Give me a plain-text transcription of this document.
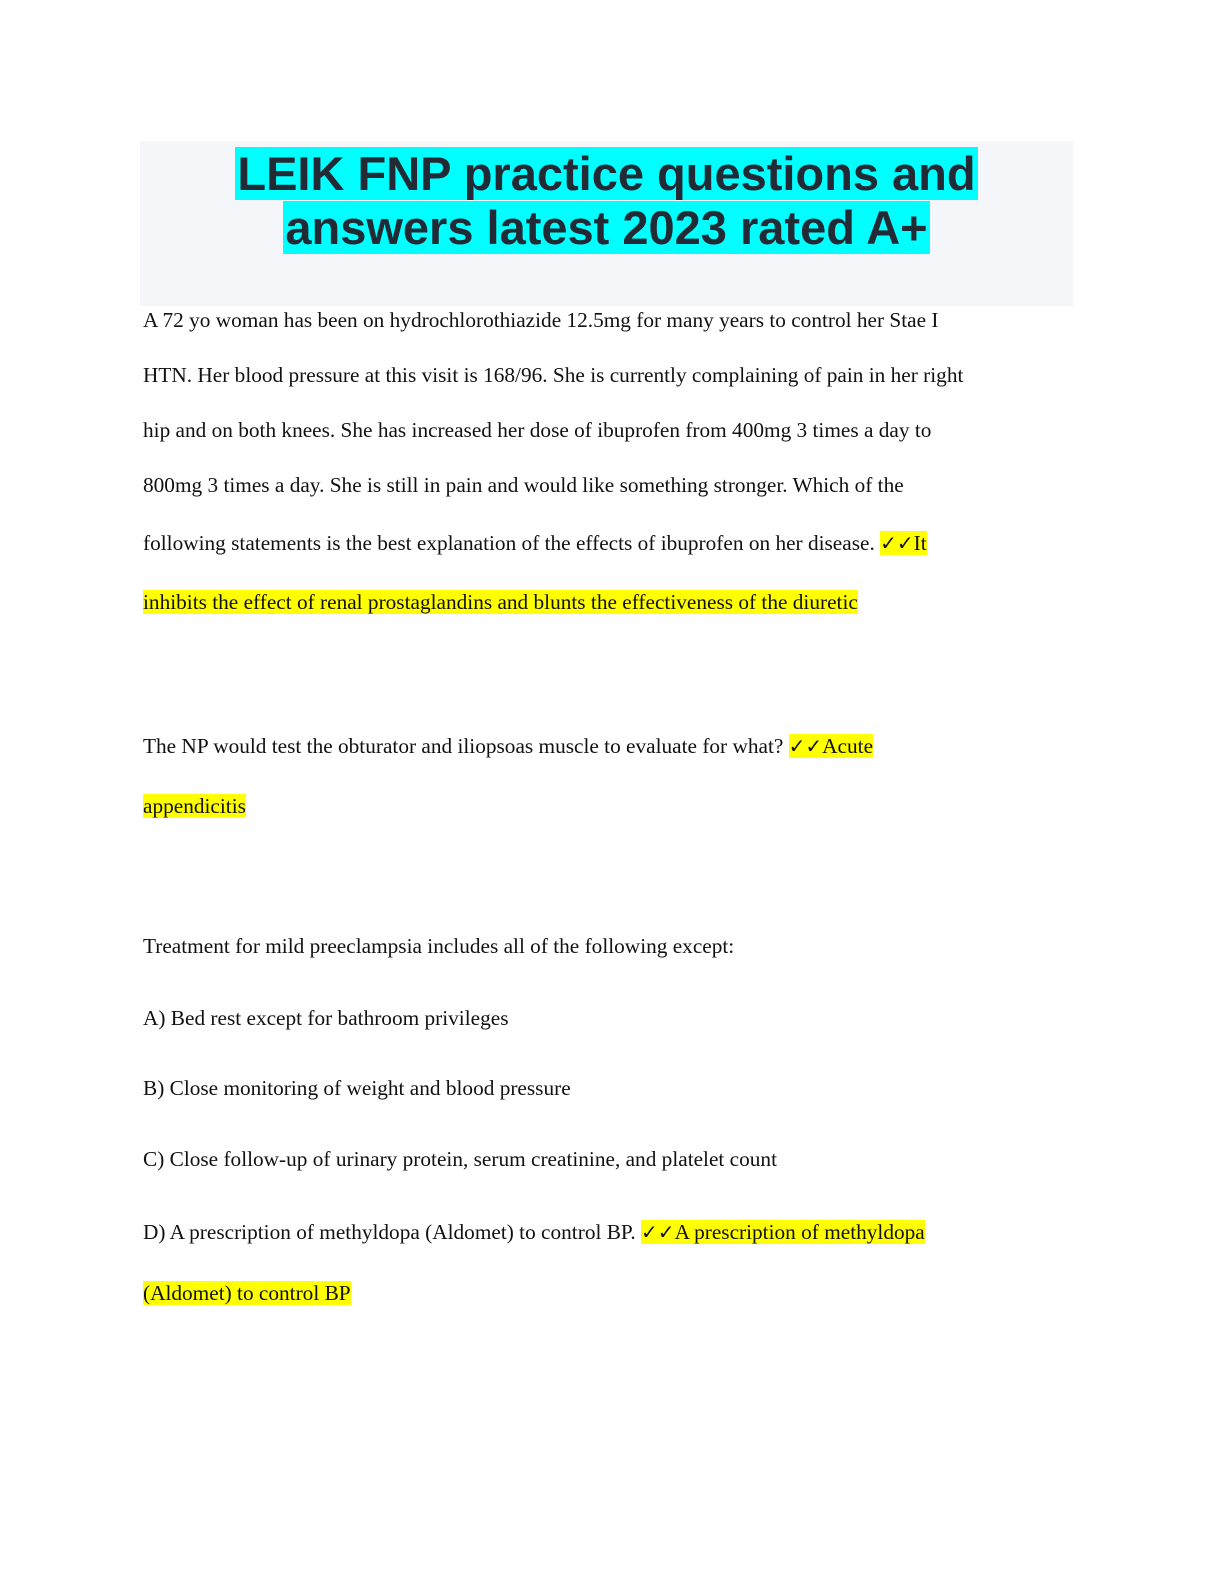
LEIK FNP practice questions and
answers latest 2023 rated A+
A 72 yo woman has been on hydrochlorothiazide 12.5mg for many years to control her Stae I
HTN. Her blood pressure at this visit is 168/96. She is currently complaining of pain in her right
hip and on both knees. She has increased her dose of ibuprofen from 400mg 3 times a day to
800mg 3 times a day. She is still in pain and would like something stronger. Which of the
following statements is the best explanation of the effects of ibuprofen on her disease. ✓✓It
inhibits the effect of renal prostaglandins and blunts the effectiveness of the diuretic
The NP would test the obturator and iliopsoas muscle to evaluate for what? ✓✓Acute
appendicitis
Treatment for mild preeclampsia includes all of the following except:
A) Bed rest except for bathroom privileges
B) Close monitoring of weight and blood pressure
C) Close follow-up of urinary protein, serum creatinine, and platelet count
D) A prescription of methyldopa (Aldomet) to control BP. ✓✓A prescription of methyldopa
(Aldomet) to control BP
